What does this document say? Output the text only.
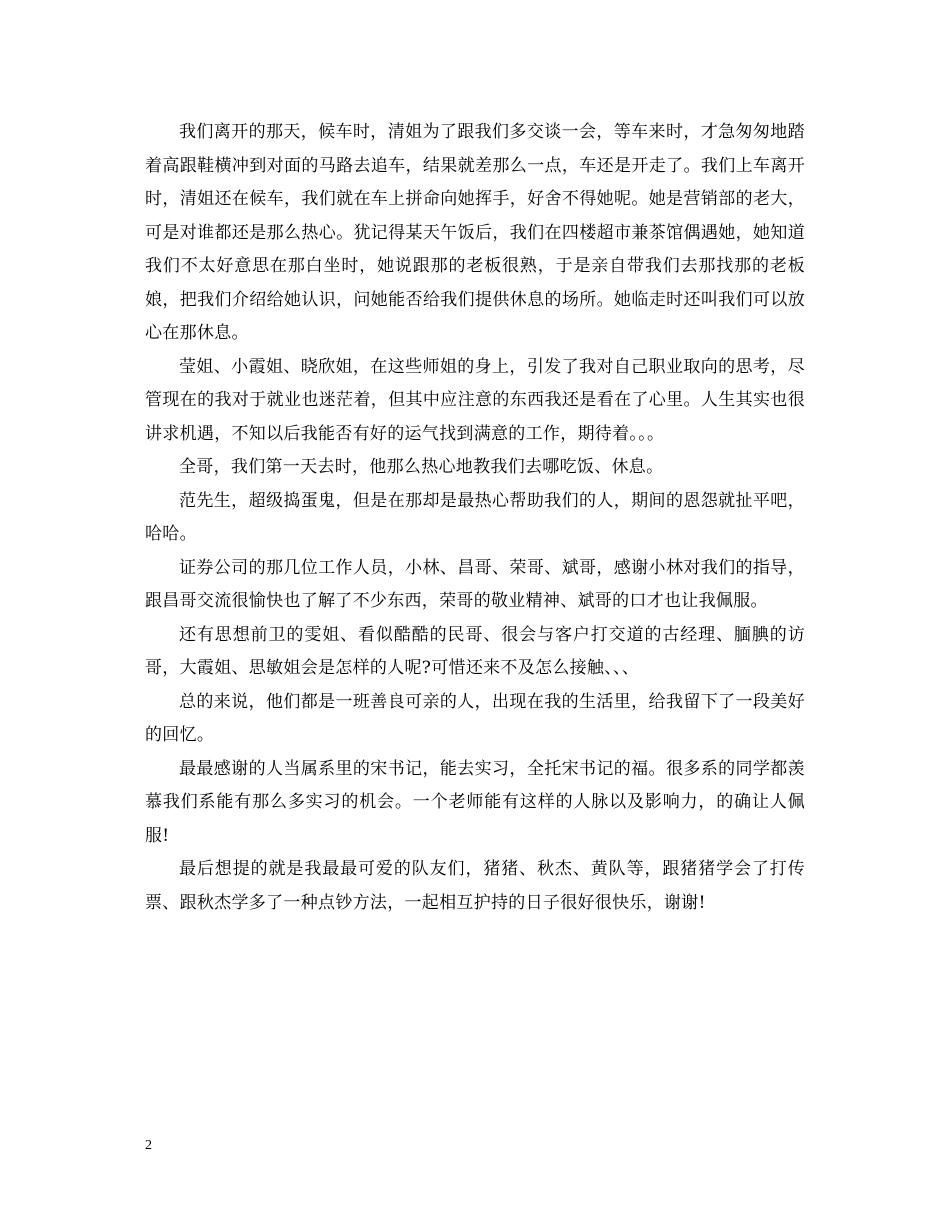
我们离开的那天，候车时，清姐为了跟我们多交谈一会，等车来时，才急匆匆地踏着高跟鞋横冲到对面的马路去追车，结果就差那么一点，车还是开走了。我们上车离开时，清姐还在候车，我们就在车上拼命向她挥手，好舍不得她呢。她是营销部的老大，可是对谁都还是那么热心。犹记得某天午饭后，我们在四楼超市兼茶馆偶遇她，她知道我们不太好意思在那白坐时，她说跟那的老板很熟，于是亲自带我们去那找那的老板娘，把我们介绍给她认识，问她能否给我们提供休息的场所。她临走时还叫我们可以放心在那休息。

莹姐、小霞姐、晓欣姐，在这些师姐的身上，引发了我对自己职业取向的思考，尽管现在的我对于就业也迷茫着，但其中应注意的东西我还是看在了心里。人生其实也很讲求机遇，不知以后我能否有好的运气找到满意的工作，期待着。。。

全哥，我们第一天去时，他那么热心地教我们去哪吃饭、休息。

范先生，超级捣蛋鬼，但是在那却是最热心帮助我们的人，期间的恩怨就扯平吧，哈哈。

证券公司的那几位工作人员，小林、昌哥、荣哥、斌哥，感谢小林对我们的指导，跟昌哥交流很愉快也了解了不少东西，荣哥的敬业精神、斌哥的口才也让我佩服。

还有思想前卫的雯姐、看似酷酷的民哥、很会与客户打交道的古经理、腼腆的访哥，大霞姐、思敏姐会是怎样的人呢?可惜还来不及怎么接触、、、

总的来说，他们都是一班善良可亲的人，出现在我的生活里，给我留下了一段美好的回忆。

最最感谢的人当属系里的宋书记，能去实习，全托宋书记的福。很多系的同学都羡慕我们系能有那么多实习的机会。一个老师能有这样的人脉以及影响力，的确让人佩服!

最后想提的就是我最最可爱的队友们，猪猪、秋杰、黄队等，跟猪猪学会了打传票、跟秋杰学多了一种点钞方法，一起相互护持的日子很好很快乐，谢谢!

2
